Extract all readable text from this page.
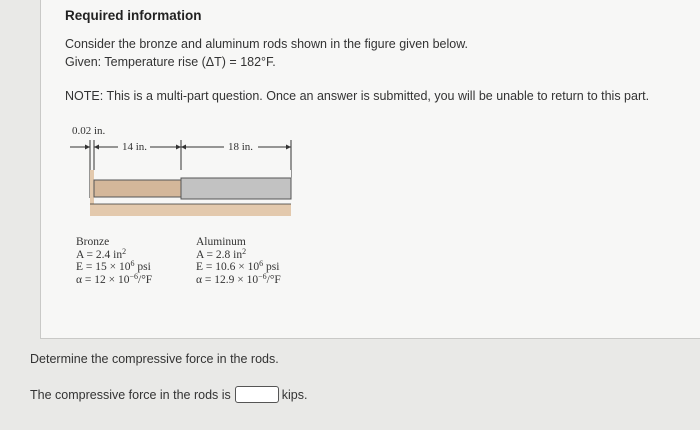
Required information
Consider the bronze and aluminum rods shown in the figure given below.
Given: Temperature rise (ΔT) = 182°F.
NOTE: This is a multi-part question. Once an answer is submitted, you will be unable to return to this part.
0.02 in.
14 in.	18 in.
Bronze
A = 2.4 $in^2$
$E = 15 \times 10^6$ psi
$\alpha = 12 \times 10^{-6}/^\circ F$
Aluminum
A = 2.8 $in^2$
$E = 10.6 \times 10^6$ psi
$\alpha = 12.9 \times 10^{-6}/^\circ F$
Determine the compressive force in the rods.
The compressive force in the rods is	kips.
